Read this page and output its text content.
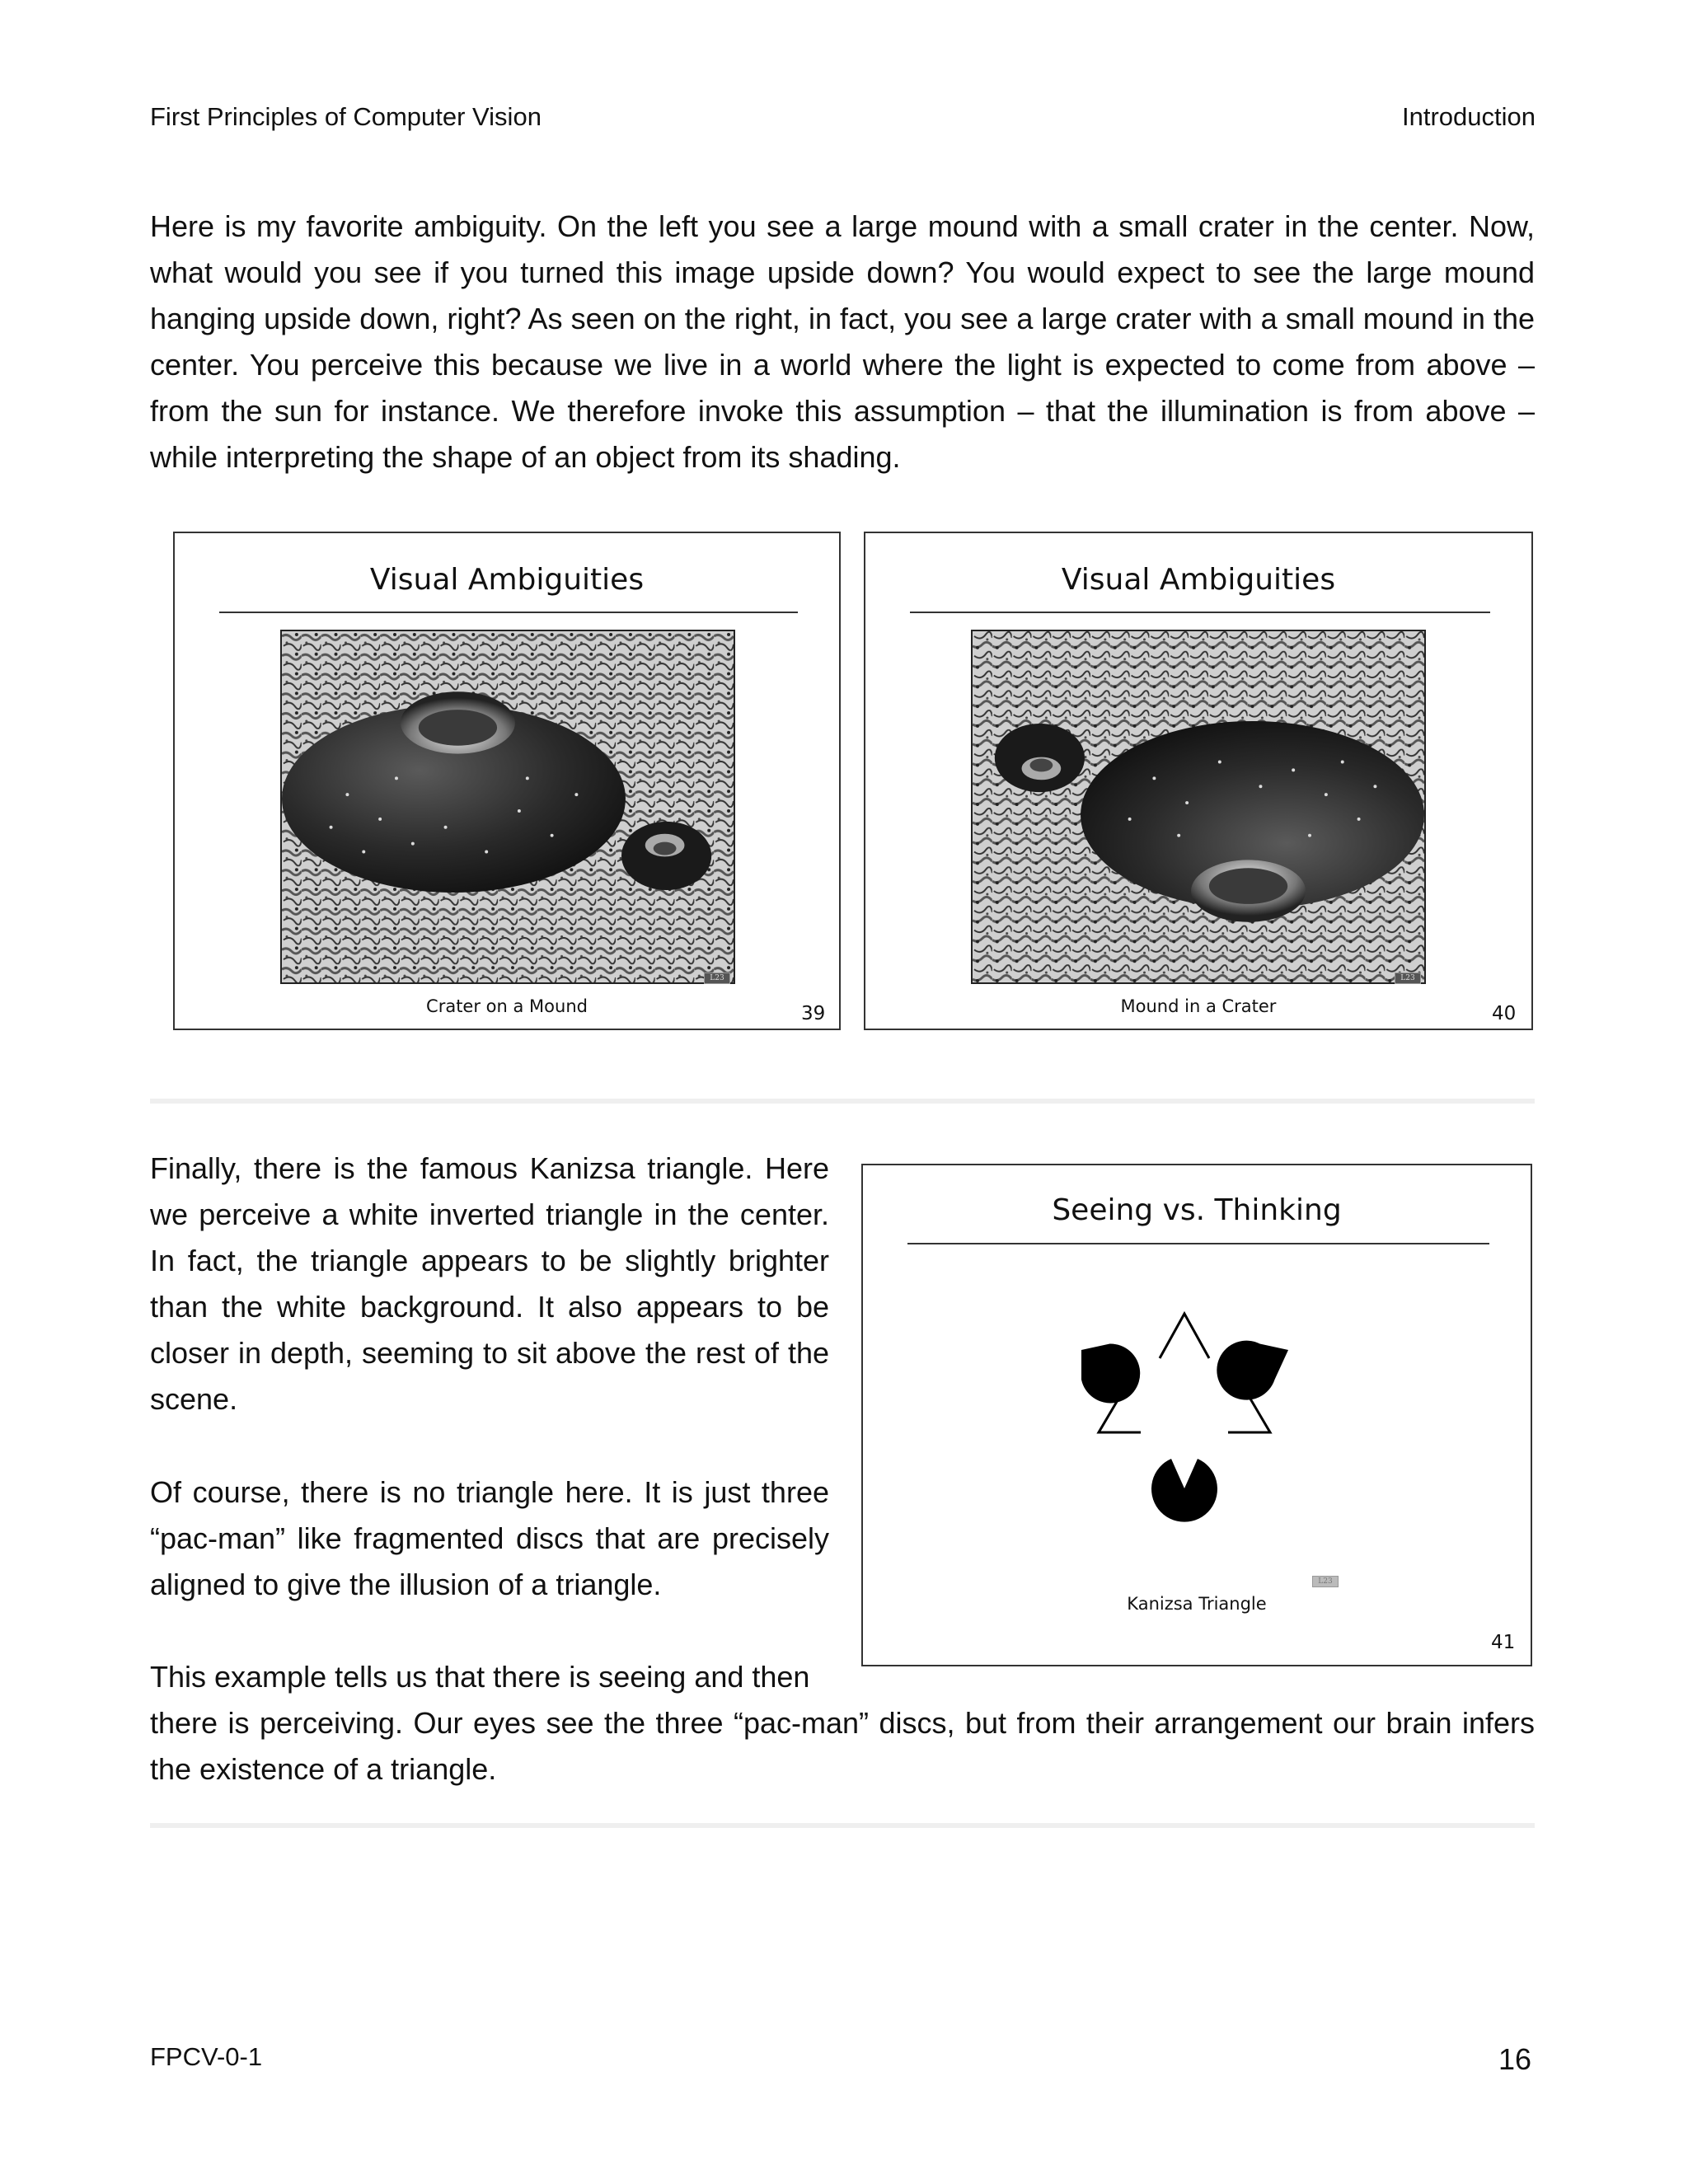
First Principles of Computer Vision	Introduction
Here is my favorite ambiguity. On the left you see a large mound with a small crater in the center. Now, what would you see if you turned this image upside down? You would expect to see the large mound hanging upside down, right? As seen on the right, in fact, you see a large crater with a small mound in the center. You perceive this because we live in a world where the light is expected to come from above – from the sun for instance. We therefore invoke this assumption – that the illumination is from above – while interpreting the shape of an object from its shading.
Visual Ambiguities
L23
Crater on a Mound	39
Visual Ambiguities
L23
Mound in a Crater	40
Finally, there is the famous Kanizsa triangle. Here we perceive a white inverted triangle in the center. In fact, the triangle appears to be slightly brighter than the white background. It also appears to be closer in depth, seeming to sit above the rest of the scene.
Of course, there is no triangle here. It is just three “pac-man” like fragmented discs that are precisely aligned to give the illusion of a triangle.
This example tells us that there is seeing and then
there is perceiving. Our eyes see the three “pac-man” discs, but from their arrangement our brain infers the existence of a triangle.
Seeing vs. Thinking
L23
Kanizsa Triangle
41
FPCV-0-1	16
